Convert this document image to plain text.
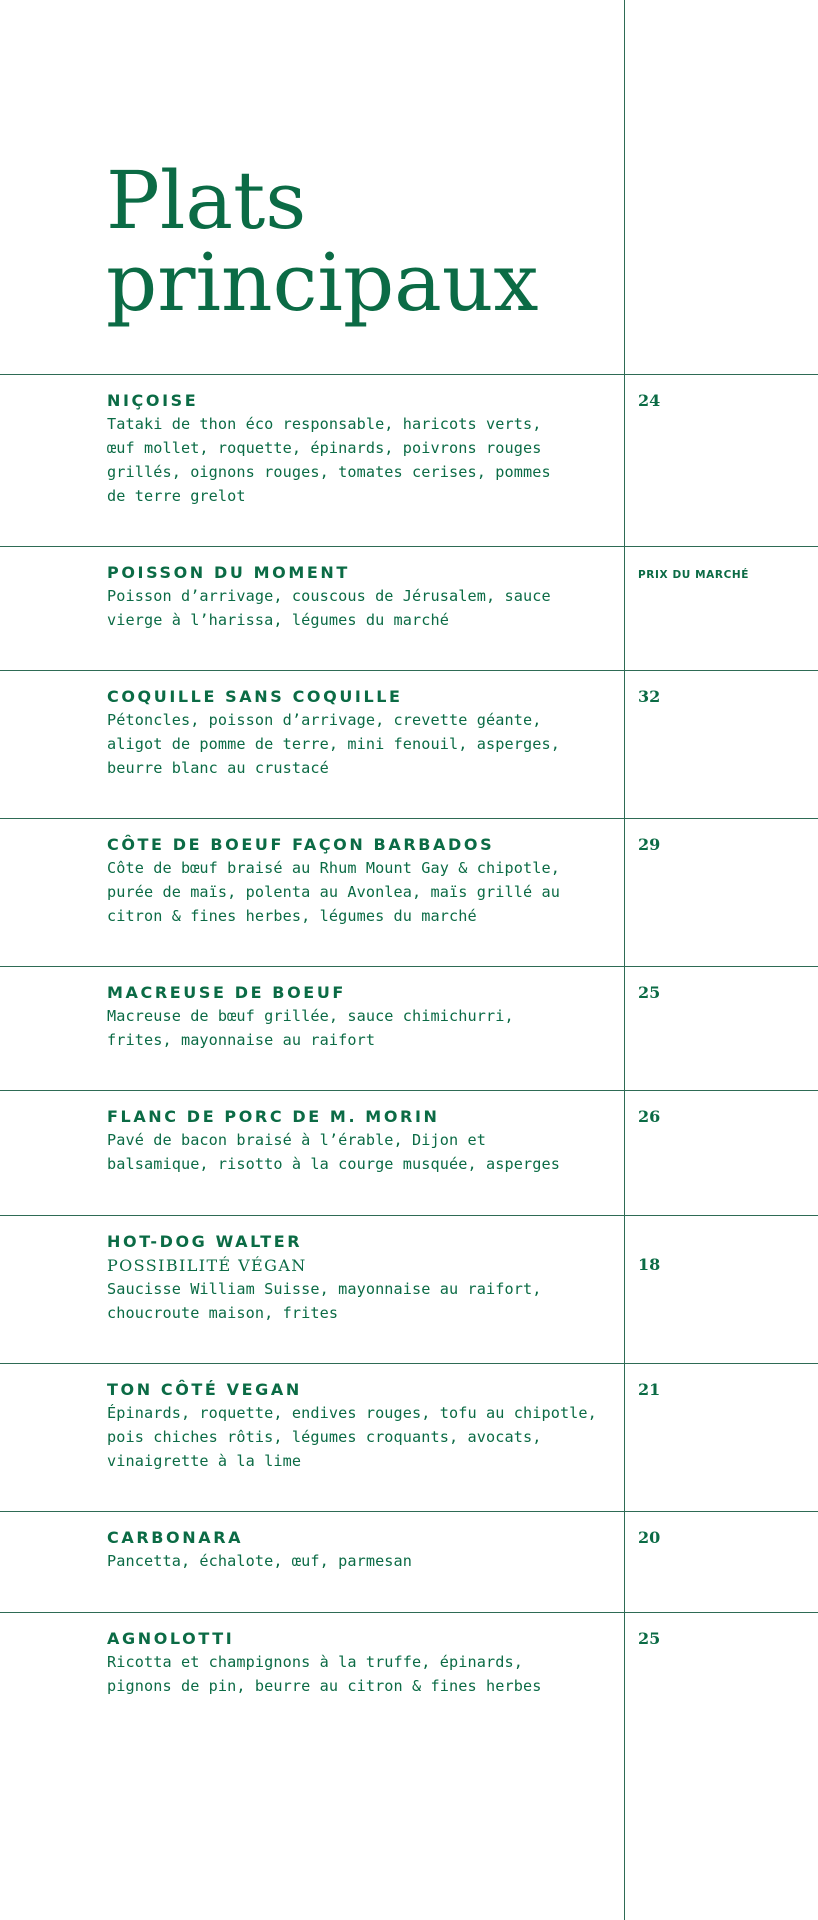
Plats
principaux
NIÇOISE
Tataki de thon éco responsable, haricots verts,
œuf mollet, roquette, épinards, poivrons rouges
grillés, oignons rouges, tomates cerises, pommes
de terre grelot
24
POISSON DU MOMENT
Poisson d’arrivage, couscous de Jérusalem, sauce
vierge à l’harissa, légumes du marché
PRIX DU MARCHÉ
COQUILLE SANS COQUILLE
Pétoncles, poisson d’arrivage, crevette géante,
aligot de pomme de terre, mini fenouil, asperges,
beurre blanc au crustacé
32
CÔTE DE BOEUF FAÇON BARBADOS
Côte de bœuf braisé au Rhum Mount Gay & chipotle,
purée de maïs, polenta au Avonlea, maïs grillé au
citron & fines herbes, légumes du marché
29
MACREUSE DE BOEUF
Macreuse de bœuf grillée, sauce chimichurri,
frites, mayonnaise au raifort
25
FLANC DE PORC DE M. MORIN
Pavé de bacon braisé à l’érable, Dijon et
balsamique, risotto à la courge musquée, asperges
26
HOT-DOG WALTER
POSSIBILITÉ VÉGAN
Saucisse William Suisse, mayonnaise au raifort,
choucroute maison, frites
18
TON CÔTÉ VEGAN
Épinards, roquette, endives rouges, tofu au chipotle,
pois chiches rôtis, légumes croquants, avocats,
vinaigrette à la lime
21
CARBONARA
Pancetta, échalote, œuf, parmesan
20
AGNOLOTTI
Ricotta et champignons à la truffe, épinards,
pignons de pin, beurre au citron & fines herbes
25
